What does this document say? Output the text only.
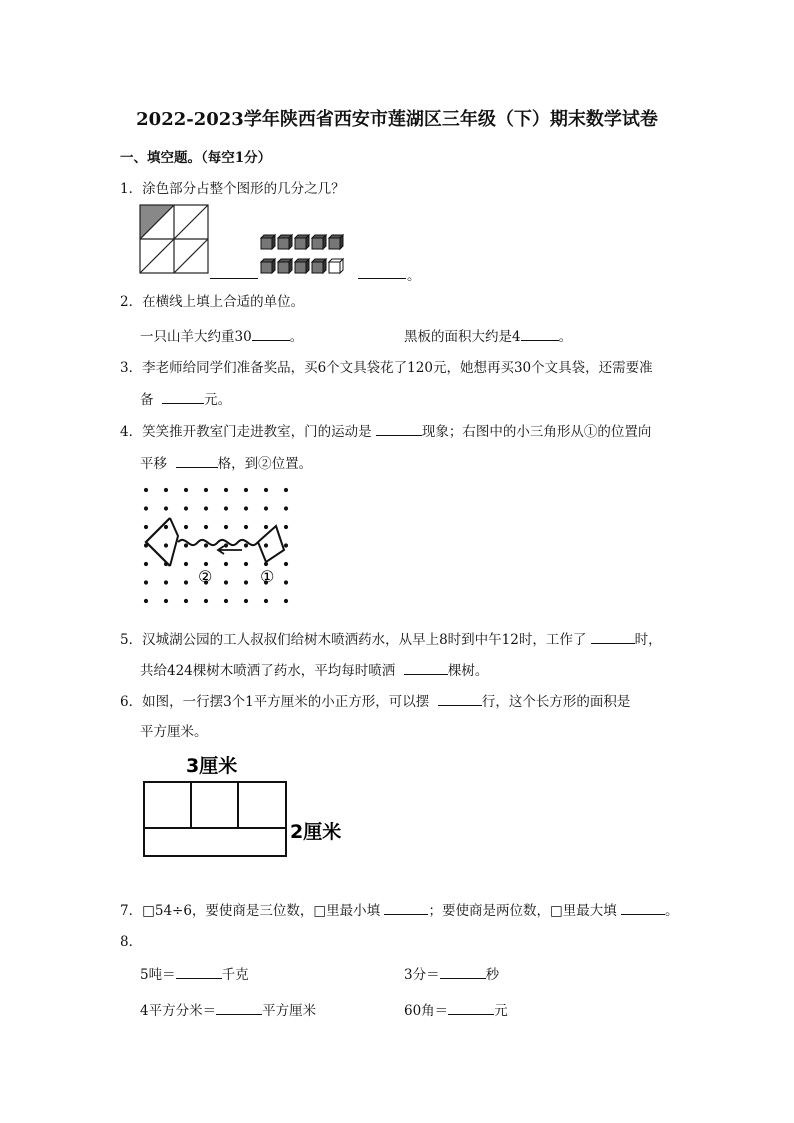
2022-2023学年陕西省西安市莲湖区三年级（下）期末数学试卷
一、填空题。（每空1分）
1．涂色部分占整个图形的几分之几？
。
2．在横线上填上合适的单位。
一只山羊大约重30	。	黑板的面积大约是4	。
3．李老师给同学们准备奖品，买6个文具袋花了120元，她想再买30个文具袋，还需要准
备	元。
4．笑笑推开教室门走进教室，门的运动是	现象；右图中的小三角形从①的位置向
平移	格，到②位置。
②	①
5．汉城湖公园的工人叔叔们给树木喷洒药水，从早上8时到中午12时，工作了	时，
共给424棵树木喷洒了药水，平均每时喷洒	棵树。
6．如图，一行摆3个1平方厘米的小正方形，可以摆	行，这个长方形的面积是
平方厘米。
3厘米
2厘米
7．□54÷6，要使商是三位数，□里最小填	；要使商是两位数，□里最大填	。
8．
5吨＝	千克	3分＝	秒
4平方分米＝	平方厘米	60角＝	元
